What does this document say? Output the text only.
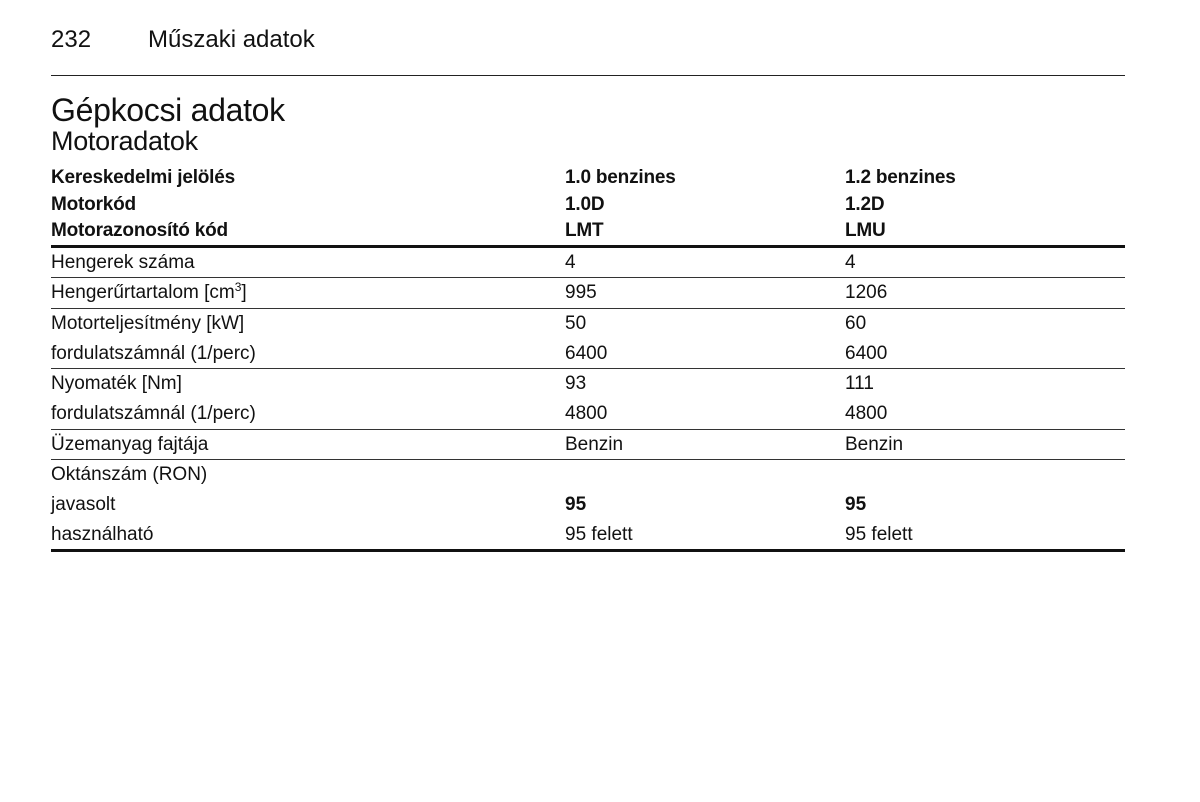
232 Műszaki adatok
Gépkocsi adatok
Motoradatok
Kereskedelmi jelölés	1.0 benzines	1.2 benzines
Motorkód	1.0D	1.2D
Motorazonosító kód	LMT	LMU
Hengerek száma	4	4
Hengerűrtartalom $[cm^3]$	995	1206
Motorteljesítmény [kW]	50	60
fordulatszámnál (1/perc)	6400	6400
Nyomaték [Nm]	93	111
fordulatszámnál (1/perc)	4800	4800
Üzemanyag fajtája	Benzin	Benzin
Oktánszám (RON)
javasolt	95	95
használható	95 felett	95 felett
